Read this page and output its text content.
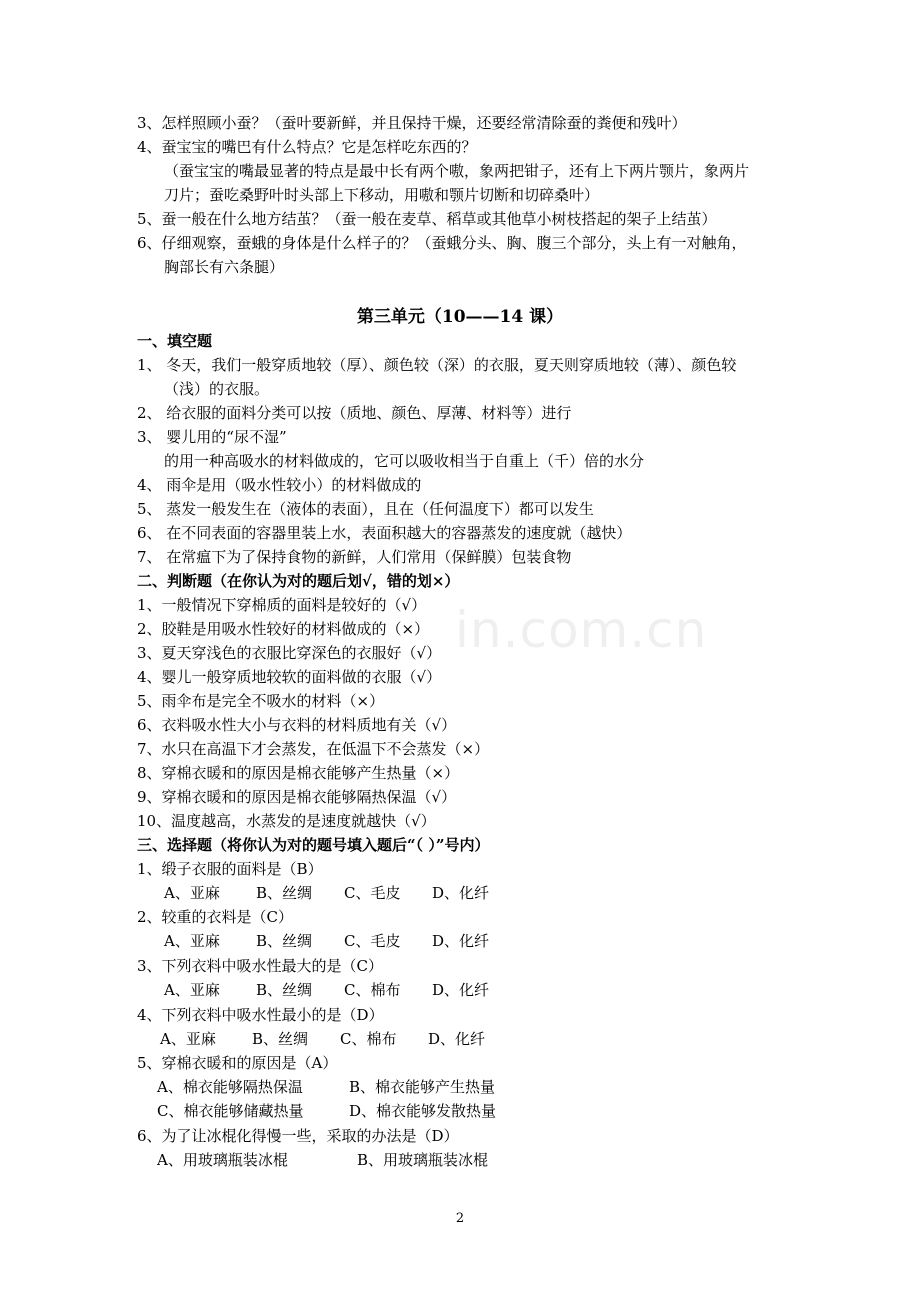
3、怎样照顾小蚕？（蚕叶要新鲜，并且保持干燥，还要经常清除蚕的粪便和残叶）
4、蚕宝宝的嘴巴有什么特点？它是怎样吃东西的？
（蚕宝宝的嘴最显著的特点是最中长有两个嗷，象两把钳子，还有上下两片颚片，象两片
刀片；蚕吃桑野叶时头部上下移动，用嗷和颚片切断和切碎桑叶）
5、蚕一般在什么地方结茧？（蚕一般在麦草、稻草或其他草小树枝搭起的架子上结茧）
6、仔细观察，蚕蛾的身体是什么样子的？（蚕蛾分头、胸、腹三个部分，头上有一对触角，
胸部长有六条腿）
第三单元（10——14 课）
一、填空题
1、 冬天，我们一般穿质地较（厚）、颜色较（深）的衣服，夏天则穿质地较（薄）、颜色较
（浅）的衣服。
2、 给衣服的面料分类可以按（质地、颜色、厚薄、材料等）进行
3、 婴儿用的“尿不湿”
的用一种高吸水的材料做成的，它可以吸收相当于自重上（千）倍的水分
4、 雨伞是用（吸水性较小）的材料做成的
5、 蒸发一般发生在（液体的表面），且在（任何温度下）都可以发生
6、 在不同表面的容器里装上水，表面积越大的容器蒸发的速度就（越快）
7、 在常瘟下为了保持食物的新鲜，人们常用（保鲜膜）包装食物
二、判断题（在你认为对的题后划√，错的划×）
1、一般情况下穿棉质的面料是较好的（√）
2、胶鞋是用吸水性较好的材料做成的（×）
3、夏天穿浅色的衣服比穿深色的衣服好（√）
4、婴儿一般穿质地较软的面料做的衣服（√）
5、雨伞布是完全不吸水的材料（×）
6、衣料吸水性大小与衣料的材料质地有关（√）
7、水只在高温下才会蒸发，在低温下不会蒸发（×）
8、穿棉衣暖和的原因是棉衣能够产生热量（×）
9、穿棉衣暖和的原因是棉衣能够隔热保温（√）
10、温度越高，水蒸发的是速度就越快（√）
三、选择题（将你认为对的题号填入题后“（ ）”号内）
1、缎子衣服的面料是（B）
A、亚麻 B、丝绸 C、毛皮 D、化纤
2、较重的衣料是（C）
A、亚麻 B、丝绸 C、毛皮 D、化纤
3、下列衣料中吸水性最大的是（C）
A、亚麻 B、丝绸 C、棉布 D、化纤
4、下列衣料中吸水性最小的是（D）
A、亚麻 B、丝绸 C、棉布 D、化纤
5、穿棉衣暖和的原因是（A）
A、棉衣能够隔热保温	B、棉衣能够产生热量
C、棉衣能够储藏热量	D、棉衣能够发散热量
6、为了让冰棍化得慢一些，采取的办法是（D）
A、用玻璃瓶装冰棍	B、用玻璃瓶装冰棍
in.com.cn
2
